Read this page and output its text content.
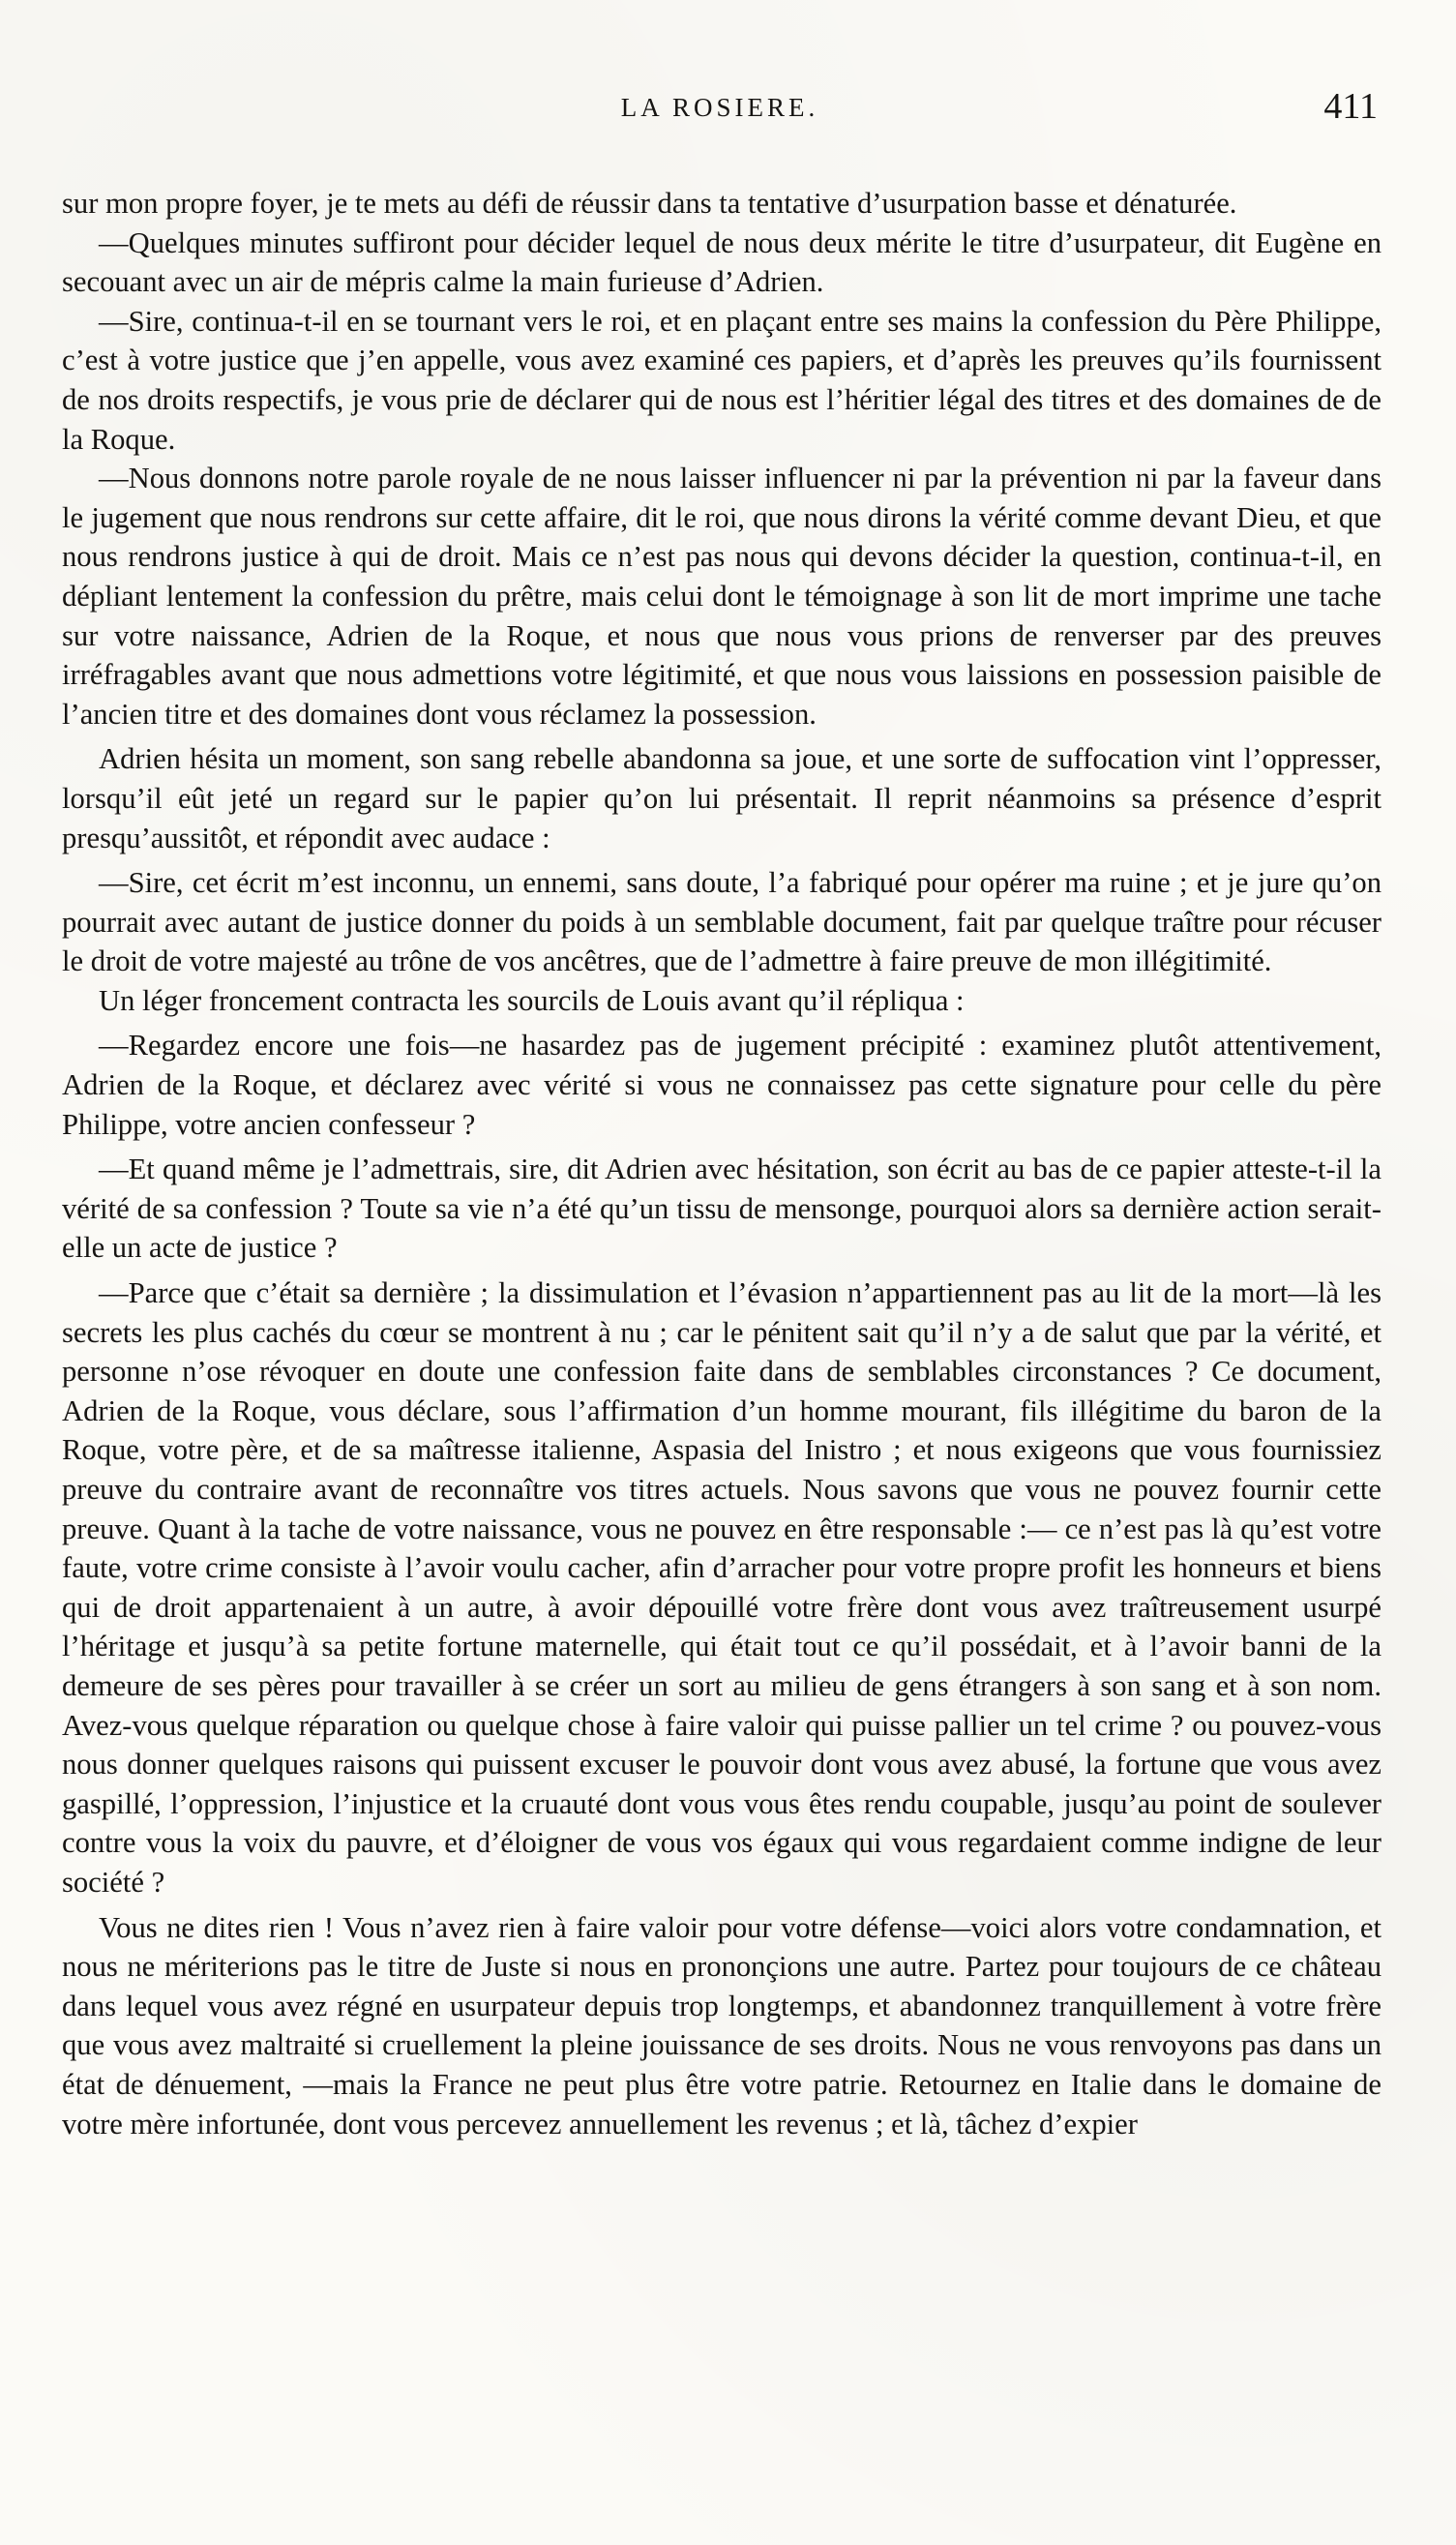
LA ROSIERE.	411

sur mon propre foyer, je te mets au défi de réussir dans ta tentative d’usurpation basse et dénaturée.

—Quelques minutes suffiront pour décider lequel de nous deux mérite le titre d’usurpateur, dit Eugène en secouant avec un air de mépris calme la main furieuse d’Adrien.

—Sire, continua-t-il en se tournant vers le roi, et en plaçant entre ses mains la confession du Père Philippe, c’est à votre justice que j’en appelle, vous avez examiné ces papiers, et d’après les preuves qu’ils fournissent de nos droits respectifs, je vous prie de déclarer qui de nous est l’héritier légal des titres et des domaines de de la Roque.

—Nous donnons notre parole royale de ne nous laisser influencer ni par la prévention ni par la faveur dans le jugement que nous rendrons sur cette affaire, dit le roi, que nous dirons la vérité comme devant Dieu, et que nous rendrons justice à qui de droit. Mais ce n’est pas nous qui devons décider la question, continua-t-il, en dépliant lentement la confession du prêtre, mais celui dont le témoignage à son lit de mort imprime une tache sur votre naissance, Adrien de la Roque, et nous que nous vous prions de renverser par des preuves irréfragables avant que nous admettions votre légitimité, et que nous vous laissions en possession paisible de l’ancien titre et des domaines dont vous réclamez la possession.

Adrien hésita un moment, son sang rebelle abandonna sa joue, et une sorte de suffocation vint l’oppresser, lorsqu’il eût jeté un regard sur le papier qu’on lui présentait. Il reprit néanmoins sa présence d’esprit presqu’aussitôt, et répondit avec audace :

—Sire, cet écrit m’est inconnu, un ennemi, sans doute, l’a fabriqué pour opérer ma ruine ; et je jure qu’on pourrait avec autant de justice donner du poids à un semblable document, fait par quelque traître pour récuser le droit de votre majesté au trône de vos ancêtres, que de l’admettre à faire preuve de mon illégitimité.

Un léger froncement contracta les sourcils de Louis avant qu’il répliqua :

—Regardez encore une fois—ne hasardez pas de jugement précipité : examinez plutôt attentivement, Adrien de la Roque, et déclarez avec vérité si vous ne connaissez pas cette signature pour celle du père Philippe, votre ancien confesseur ?

—Et quand même je l’admettrais, sire, dit Adrien avec hésitation, son écrit au bas de ce papier atteste-t-il la vérité de sa confession ? Toute sa vie n’a été qu’un tissu de mensonge, pourquoi alors sa dernière action serait-elle un acte de justice ?

—Parce que c’était sa dernière ; la dissimulation et l’évasion n’appartiennent pas au lit de la mort—là les secrets les plus cachés du cœur se montrent à nu ; car le pénitent sait qu’il n’y a de salut que par la vérité, et personne n’ose révoquer en doute une confession faite dans de semblables circonstances ? Ce document, Adrien de la Roque, vous déclare, sous l’affirmation d’un homme mourant, fils illégitime du baron de la Roque, votre père, et de sa maîtresse italienne, Aspasia del Inistro ; et nous exigeons que vous fournissiez preuve du contraire avant de reconnaître vos titres actuels. Nous savons que vous ne pouvez fournir cette preuve. Quant à la tache de votre naissance, vous ne pouvez en être responsable :— ce n’est pas là qu’est votre faute, votre crime consiste à l’avoir voulu cacher, afin d’arracher pour votre propre profit les honneurs et biens qui de droit appartenaient à un autre, à avoir dépouillé votre frère dont vous avez traîtreusement usurpé l’héritage et jusqu’à sa petite fortune maternelle, qui était tout ce qu’il possédait, et à l’avoir banni de la demeure de ses pères pour travailler à se créer un sort au milieu de gens étrangers à son sang et à son nom. Avez-vous quelque réparation ou quelque chose à faire valoir qui puisse pallier un tel crime ? ou pouvez-vous nous donner quelques raisons qui puissent excuser le pouvoir dont vous avez abusé, la fortune que vous avez gaspillé, l’oppression, l’injustice et la cruauté dont vous vous êtes rendu coupable, jusqu’au point de soulever contre vous la voix du pauvre, et d’éloigner de vous vos égaux qui vous regardaient comme indigne de leur société ?

Vous ne dites rien ! Vous n’avez rien à faire valoir pour votre défense—voici alors votre condamnation, et nous ne mériterions pas le titre de Juste si nous en prononçions une autre. Partez pour toujours de ce château dans lequel vous avez régné en usurpateur depuis trop longtemps, et abandonnez tranquillement à votre frère que vous avez maltraité si cruellement la pleine jouissance de ses droits. Nous ne vous renvoyons pas dans un état de dénuement, —mais la France ne peut plus être votre patrie. Retournez en Italie dans le domaine de votre mère infortunée, dont vous percevez annuellement les revenus ; et là, tâchez d’expier
